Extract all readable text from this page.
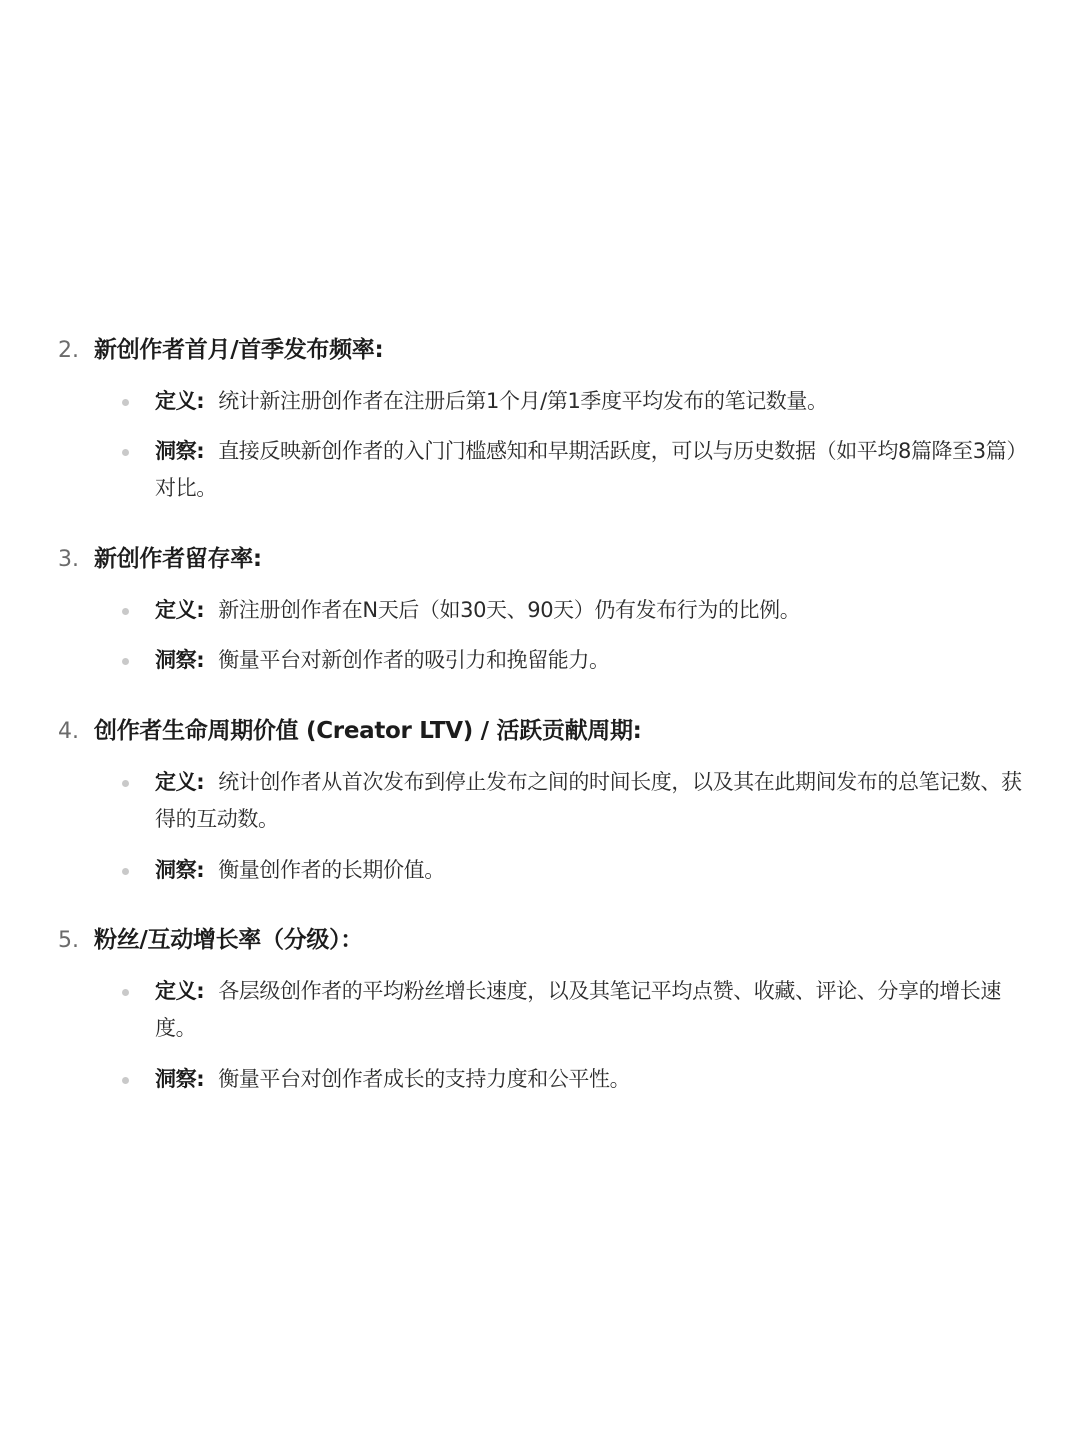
2. 新创作者首月/首季发布频率:
定义: 统计新注册创作者在注册后第1个月/第1季度平均发布的笔记数量。
洞察: 直接反映新创作者的入门门槛感知和早期活跃度，可以与历史数据（如平均8篇降至3篇）对比。
3. 新创作者留存率:
定义: 新注册创作者在N天后（如30天、90天）仍有发布行为的比例。
洞察: 衡量平台对新创作者的吸引力和挽留能力。
4. 创作者生命周期价值 (Creator LTV) / 活跃贡献周期:
定义: 统计创作者从首次发布到停止发布之间的时间长度，以及其在此期间发布的总笔记数、获得的互动数。
洞察: 衡量创作者的长期价值。
5. 粉丝/互动增长率（分级）：
定义: 各层级创作者的平均粉丝增长速度，以及其笔记平均点赞、收藏、评论、分享的增长速度。
洞察: 衡量平台对创作者成长的支持力度和公平性。
